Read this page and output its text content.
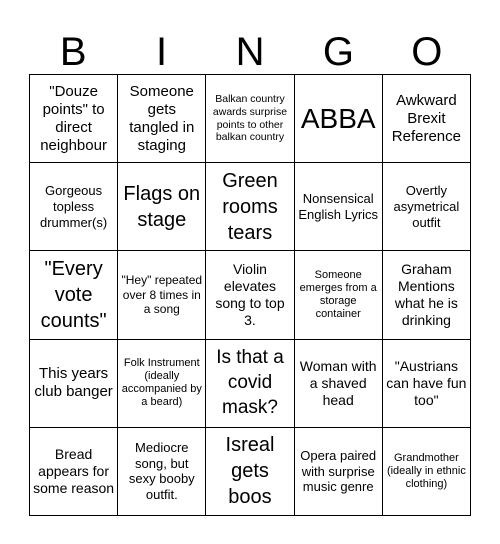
B	I	N	G	O
"Douze points" to direct neighbour
Someone gets tangled in staging
Balkan country awards surprise points to other balkan country
ABBA
Awkward Brexit Reference
Gorgeous topless drummer(s)
Flags on stage
Green rooms tears
Nonsensical English Lyrics
Overtly asymetrical outfit
"Every vote counts"
"Hey" repeated over 8 times in a song
Violin elevates song to top 3.
Someone emerges from a storage container
Graham Mentions what he is drinking
This years club banger
Folk Instrument (ideally accompanied by a beard)
Is that a covid mask?
Woman with a shaved head
"Austrians can have fun too"
Bread appears for some reason
Mediocre song, but sexy booby outfit.
Isreal gets boos
Opera paired with surprise music genre
Grandmother (ideally in ethnic clothing)
